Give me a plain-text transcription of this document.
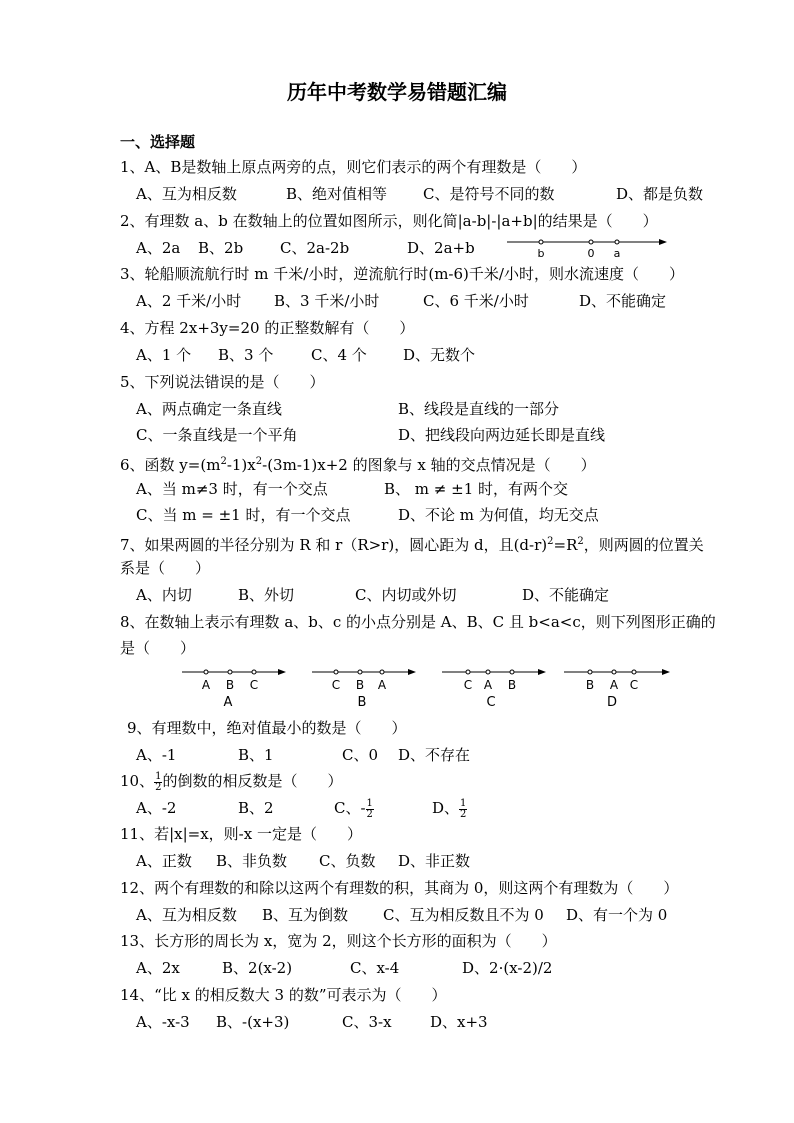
历年中考数学易错题汇编
一、选择题
1、A、B是数轴上原点两旁的点，则它们表示的两个有理数是（　　）
A、互为相反数	B、绝对值相等 C、是符号不同的数	D、都是负数
2、有理数 a、b 在数轴上的位置如图所示，则化简|a-b|-|a+b|的结果是（　　）
A、2a B、2b C、2a-2b	D、2a+b	b	0 a
3、轮船顺流航行时 m 千米/小时，逆流航行时(m-6)千米/小时，则水流速度（　　）
A、2 千米/小时 B、3 千米/小时	C、6 千米/小时	D、不能确定
4、方程 2x+3y=20 的正整数解有（　　）
A、1 个 B、3 个	C、4 个 D、无数个
5、下列说法错误的是（　　）
A、两点确定一条直线	B、线段是直线的一部分
C、一条直线是一个平角	D、把线段向两边延长即是直线
6、函数 $y=(m^2-1)x^2-(3m-1)x+2$ 的图象与 x 轴的交点情况是（　　）
A、当 m≠3 时，有一个交点	B、 m ≠ ±1 时，有两个交
C、当 m = ±1 时，有一个交点	D、不论 m 为何值，均无交点
7、如果两圆的半径分别为 R 和 r（R>r)，圆心距为 d，且$(d-r)^2=R^2$，则两圆的位置关
系是（　　）
A、内切	B、外切	C、内切或外切	D、不能确定
8、在数轴上表示有理数 a、b、c 的小点分别是 A、B、C 且 b<a<c，则下列图形正确的
是（　　）
A B C
A
C B A
B
C A B
C
B A C
D
9、有理数中，绝对值最小的数是（　　）
A、-1	B、1	C、0 D、不存在
10、 $\frac{1}{2}$ 的倒数的相反数是（　　）
A、-2	B、2	C、- $\frac{1}{2}$	D、 $\frac{1}{2}$
11、若|x|=x，则-x 一定是（　　）
A、正数 B、非负数 C、负数 D、非正数
12、两个有理数的和除以这两个有理数的积，其商为 0，则这两个有理数为（　　）
A、互为相反数 B、互为倒数 C、互为相反数且不为 0 D、有一个为 0
13、长方形的周长为 x，宽为 2，则这个长方形的面积为（　　）
A、2x	B、2(x-2)	C、x-4	D、2·(x-2)/2
14、“比 x 的相反数大 3 的数”可表示为（　　）
A、-x-3 B、-(x+3)	C、3-x	D、x+3
